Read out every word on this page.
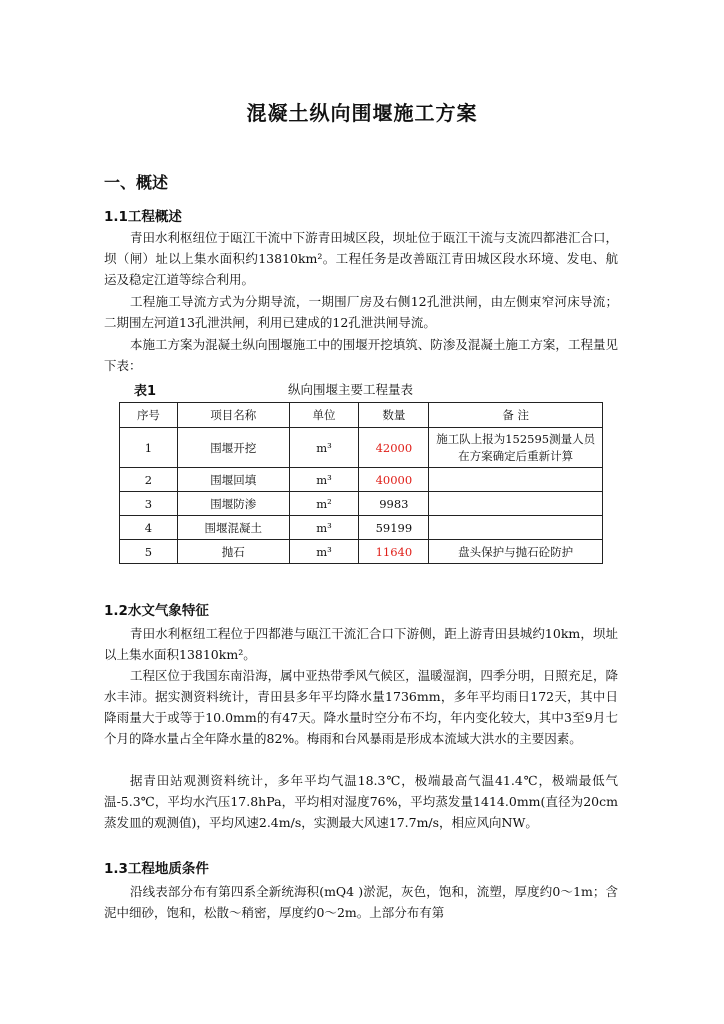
混凝土纵向围堰施工方案
一、概述
1.1工程概述

青田水利枢纽位于瓯江干流中下游青田城区段，坝址位于瓯江干流与支流四都港汇合口，坝（闸）址以上集水面积约13810km²。工程任务是改善瓯江青田城区段水环境、发电、航运及稳定江道等综合利用。

工程施工导流方式为分期导流，一期围厂房及右侧12孔泄洪闸，由左侧束窄河床导流；二期围左河道13孔泄洪闸，利用已建成的12孔泄洪闸导流。

本施工方案为混凝土纵向围堰施工中的围堰开挖填筑、防渗及混凝土施工方案，工程量见下表：

表1	纵向围堰主要工程量表
序号	项目名称	单位	数量	备 注
1	围堰开挖	m³	42000	施工队上报为152595测量人员在方案确定后重新计算
2	围堰回填	m³	40000	
3	围堰防渗	m²	9983	
4	围堰混凝土	m³	59199	
5	抛石	m³	11640	盘头保护与抛石砼防护
1.2水文气象特征

青田水利枢纽工程位于四都港与瓯江干流汇合口下游侧，距上游青田县城约10km，坝址以上集水面积13810km²。

工程区位于我国东南沿海，属中亚热带季风气候区，温暖湿润，四季分明，日照充足，降水丰沛。据实测资料统计，青田县多年平均降水量1736mm，多年平均雨日172天，其中日降雨量大于或等于10.0mm的有47天。降水量时空分布不均，年内变化较大，其中3至9月七个月的降水量占全年降水量的82%。梅雨和台风暴雨是形成本流域大洪水的主要因素。

据青田站观测资料统计，多年平均气温18.3℃，极端最高气温41.4℃，极端最低气温-5.3℃，平均水汽压17.8hPa，平均相对湿度76%，平均蒸发量1414.0mm(直径为20cm蒸发皿的观测值)，平均风速2.4m/s，实测最大风速17.7m/s，相应风向NW。

1.3工程地质条件

沿线表部分布有第四系全新统海积(mQ4 )淤泥，灰色，饱和，流塑，厚度约0～1m；含泥中细砂，饱和，松散～稍密，厚度约0～2m。上部分布有第
